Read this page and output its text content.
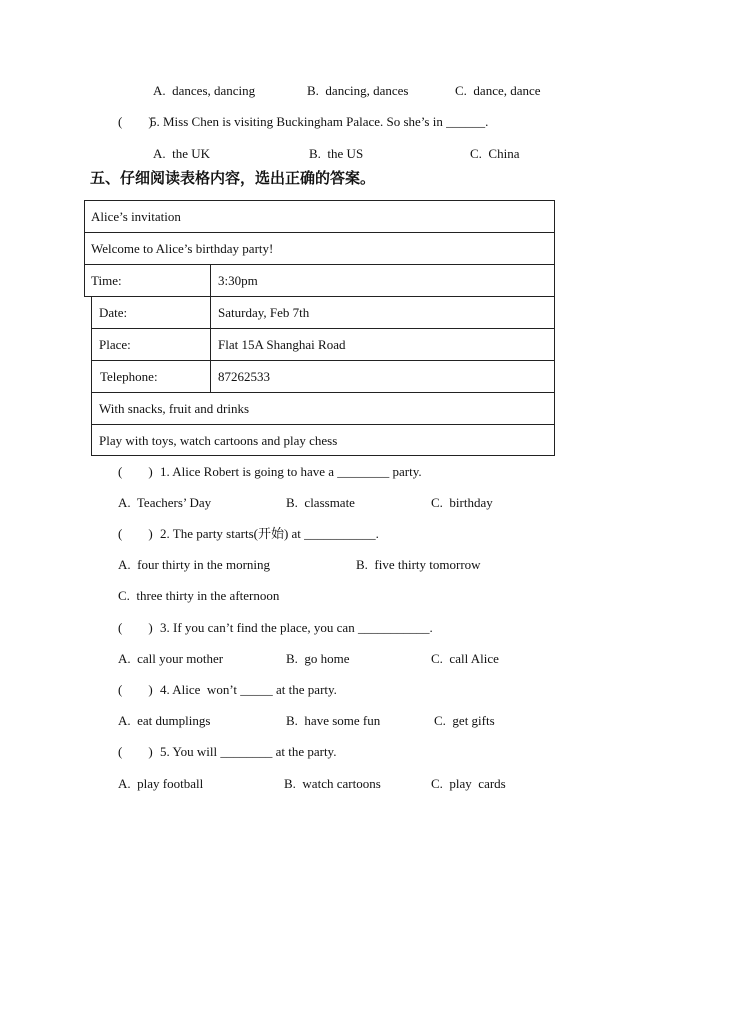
A.  dances, dancing	B.  dancing, dances	C.  dance, dance
(        )
5. Miss Chen is visiting Buckingham Palace. So she’s in ______.
A.  the UK	B.  the US	C.  China
五、仔细阅读表格内容，选出正确的答案。
Alice’s invitation
Welcome to Alice’s birthday party!
Time:	3:30pm
Date:	Saturday, Feb 7th
Place:	Flat 15A Shanghai Road
Telephone:	87262533
With snacks, fruit and drinks
Play with toys, watch cartoons and play chess
(        ) 1. Alice Robert is going to have a ________ party.
A.  Teachers’ Day	B.  classmate	C.  birthday
(        ) 2. The party starts(开始) at ___________.
A.  four thirty in the morning	B.  five thirty tomorrow
C.  three thirty in the afternoon
(        ) 3. If you can’t find the place, you can ___________.
A.  call your mother	B.  go home	C.  call Alice
(        ) 4. Alice  won’t _____ at the party.
A.  eat dumplings	B.  have some fun	C.  get gifts
(        ) 5. You will ________ at the party.
A.  play football	B.  watch cartoons	C.  play  cards
